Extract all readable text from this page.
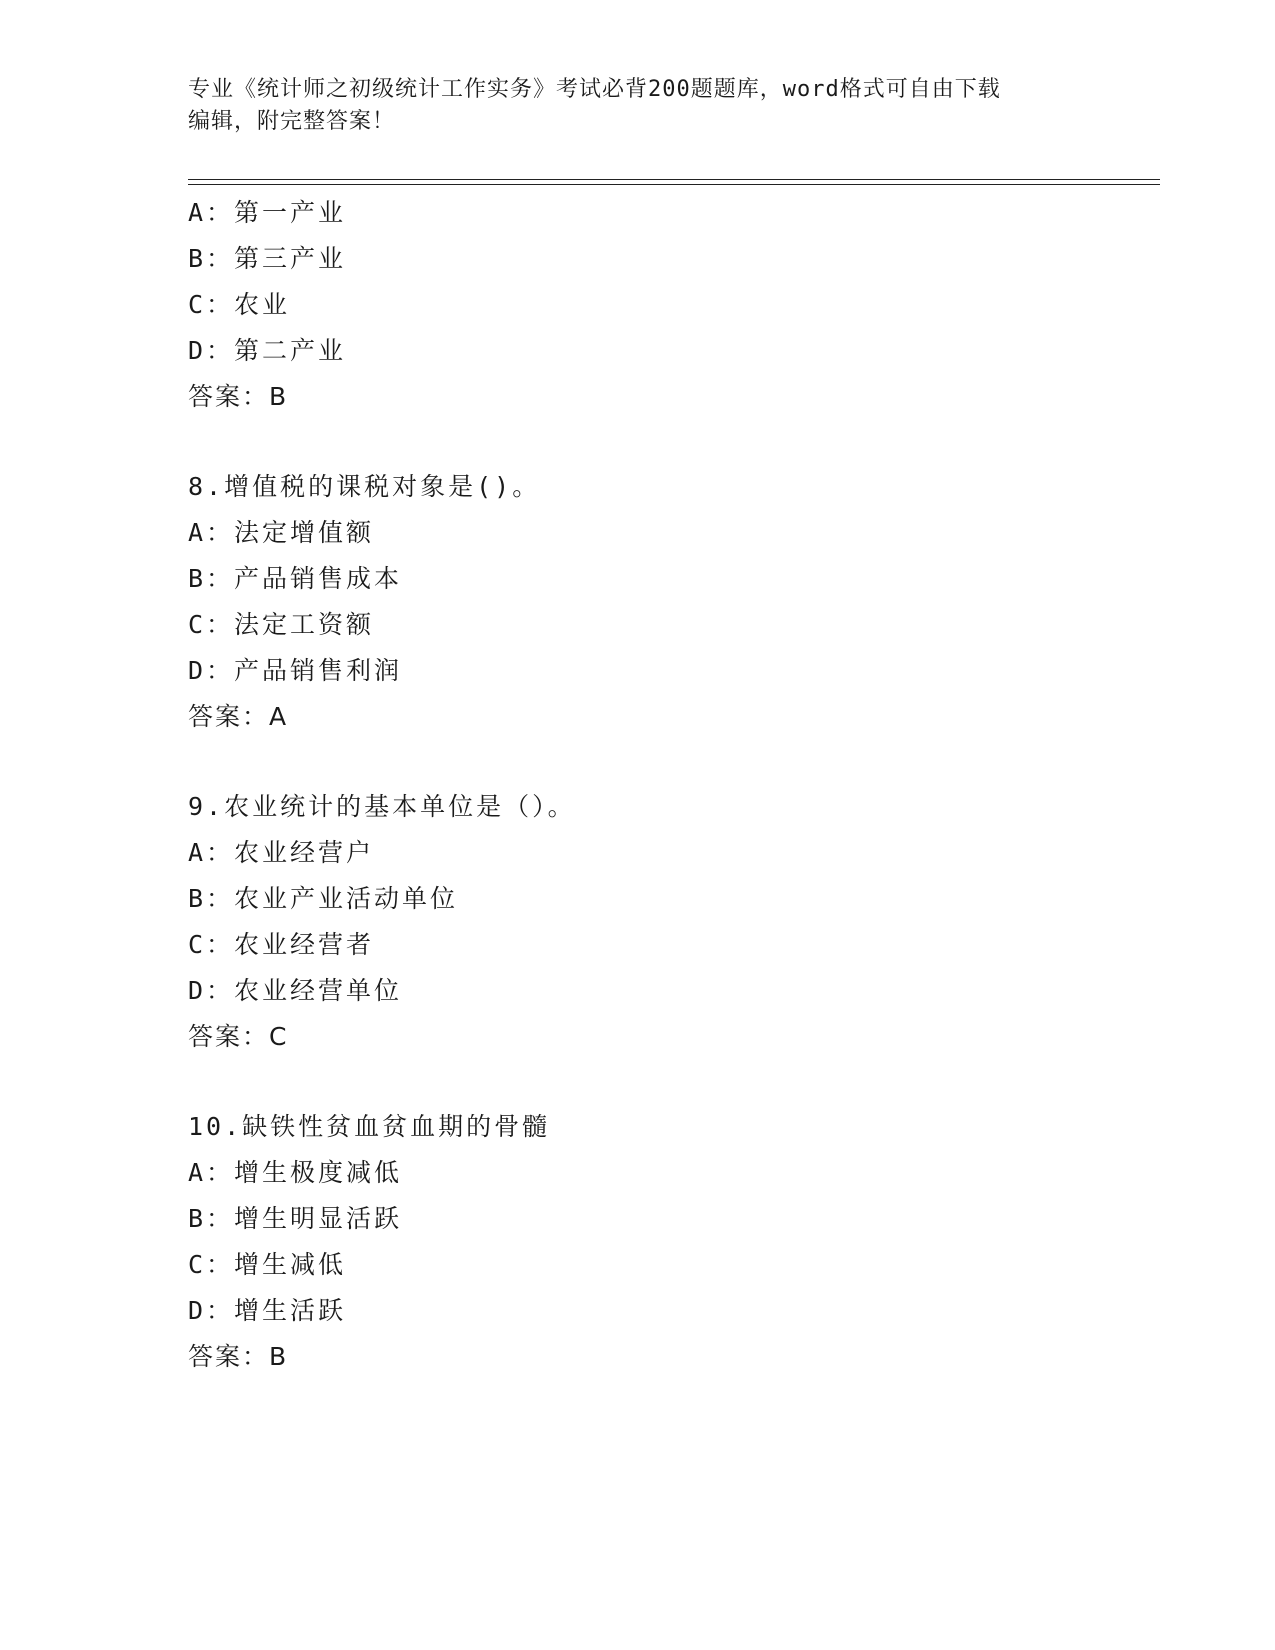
专业《统计师之初级统计工作实务》考试必背200题题库，word格式可自由下载
编辑，附完整答案！
A：第一产业
B：第三产业
C：农业
D：第二产业
答案：B
8.增值税的课税对象是()。
A：法定增值额
B：产品销售成本
C：法定工资额
D：产品销售利润
答案：A
9.农业统计的基本单位是（）。
A：农业经营户
B：农业产业活动单位
C：农业经营者
D：农业经营单位
答案：C
10.缺铁性贫血贫血期的骨髓
A：增生极度减低
B：增生明显活跃
C：增生减低
D：增生活跃
答案：B
